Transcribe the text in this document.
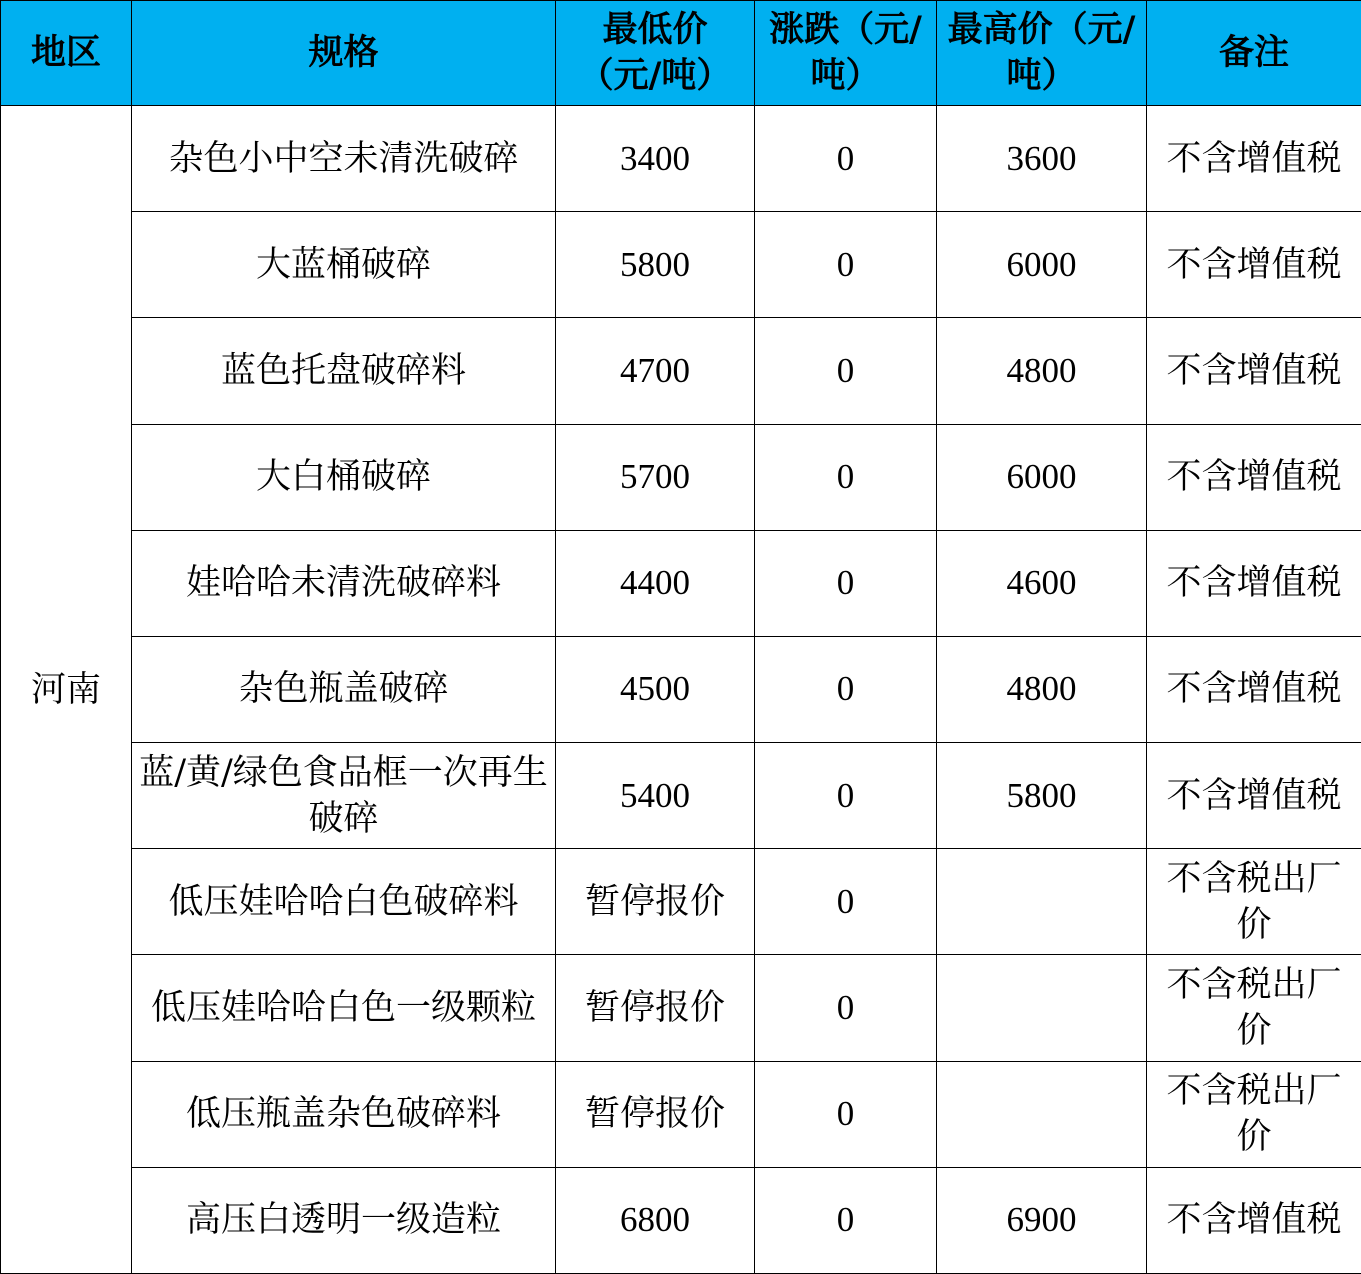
地区	规格	最低价（元/吨）	涨跌（元/吨）	最高价（元/吨）	备注
河南	杂色小中空未清洗破碎	3400	0	3600	不含增值税
	大蓝桶破碎	5800	0	6000	不含增值税
	蓝色托盘破碎料	4700	0	4800	不含增值税
	大白桶破碎	5700	0	6000	不含增值税
	娃哈哈未清洗破碎料	4400	0	4600	不含增值税
	杂色瓶盖破碎	4500	0	4800	不含增值税
	蓝/黄/绿色食品框一次再生破碎	5400	0	5800	不含增值税
	低压娃哈哈白色破碎料	暂停报价	0		不含税出厂价
	低压娃哈哈白色一级颗粒	暂停报价	0		不含税出厂价
	低压瓶盖杂色破碎料	暂停报价	0		不含税出厂价
	高压白透明一级造粒	6800	0	6900	不含增值税
